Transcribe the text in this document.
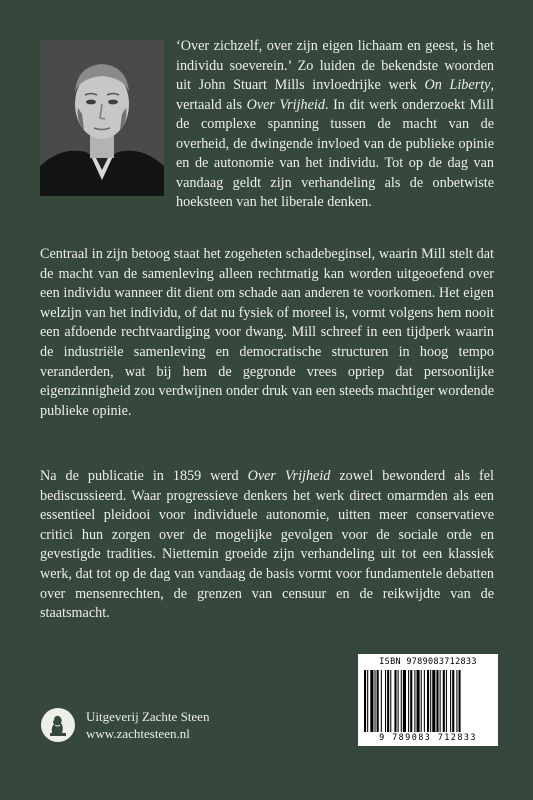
‘Over zichzelf, over zijn eigen lichaam en geest, is het individu soeverein.’ Zo luiden de bekendste woorden uit John Stuart Mills invloedrijke werk On Liberty, vertaald als Over Vrijheid. In dit werk onderzoekt Mill de complexe spanning tussen de macht van de overheid, de dwingende invloed van de publieke opinie en de autonomie van het individu. Tot op de dag van vandaag geldt zijn verhandeling als de onbetwiste hoeksteen van het liberale denken.

Centraal in zijn betoog staat het zogeheten schadebeginsel, waarin Mill stelt dat de macht van de samenleving alleen rechtmatig kan worden uitgeoefend over een individu wanneer dit dient om schade aan anderen te voorkomen. Het eigen welzijn van het individu, of dat nu fysiek of moreel is, vormt volgens hem nooit een afdoende rechtvaardiging voor dwang. Mill schreef in een tijdperk waarin de industriële samenleving en democratische structuren in hoog tempo veranderden, wat bij hem de gegronde vrees opriep dat persoonlijke eigenzinnigheid zou verdwijnen onder druk van een steeds machtiger wordende publieke opinie.

Na de publicatie in 1859 werd Over Vrijheid zowel bewonderd als fel bediscussieerd. Waar progressieve denkers het werk direct omarmden als een essentieel pleidooi voor individuele autonomie, uitten meer conservatieve critici hun zorgen over de mogelijke gevolgen voor de sociale orde en gevestigde tradities. Niettemin groeide zijn verhandeling uit tot een klassiek werk, dat tot op de dag van vandaag de basis vormt voor fundamentele debatten over mensenrechten, de grenzen van censuur en de reikwijdte van de staatsmacht.

Uitgeverij Zachte Steen
www.zachtesteen.nl
ISBN 9789083712833
9 789083 712833
